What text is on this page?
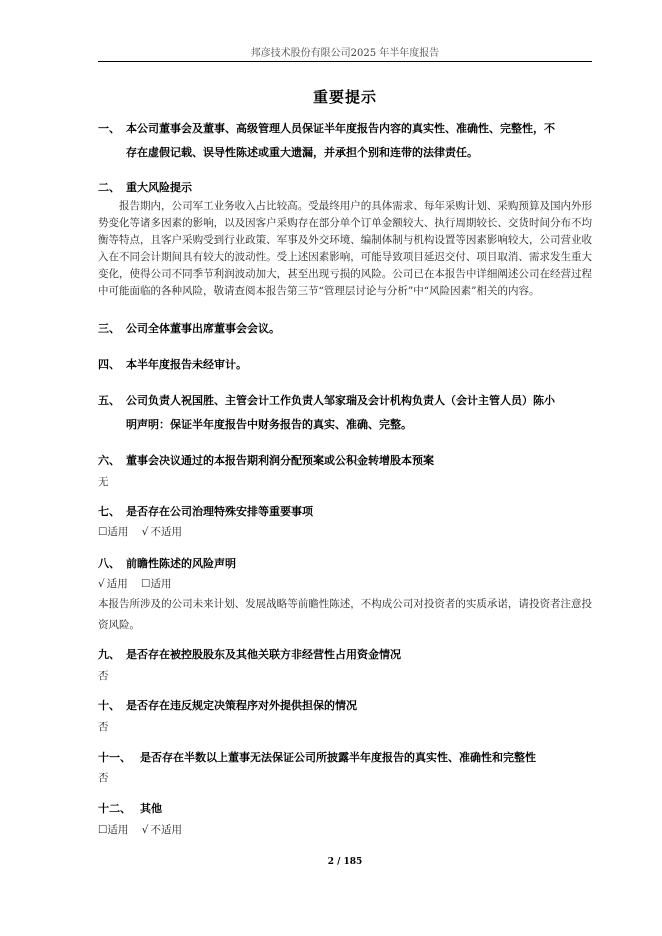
邦彦技术股份有限公司2025 年半年度报告
重要提示
一、 本公司董事会及董事、高级管理人员保证半年度报告内容的真实性、准确性、完整性，不
存在虚假记载、误导性陈述或重大遗漏，并承担个别和连带的法律责任。
二、 重大风险提示
报告期内，公司军工业务收入占比较高。受最终用户的具体需求、每年采购计划、采购预算及国内外形势变化等诸多因素的影响，以及因客户采购存在部分单个订单金额较大、执行周期较长、交货时间分布不均衡等特点，且客户采购受到行业政策、军事及外交环境、编制体制与机构设置等因素影响较大，公司营业收入在不同会计期间具有较大的波动性。受上述因素影响，可能导致项目延迟交付、项目取消、需求发生重大变化，使得公司不同季节利润波动加大，甚至出现亏损的风险。公司已在本报告中详细阐述公司在经营过程中可能面临的各种风险，敬请查阅本报告第三节“管理层讨论与分析”中“风险因素”相关的内容。
三、 公司全体董事出席董事会会议。
四、 本半年度报告未经审计。
五、 公司负责人祝国胜、主管会计工作负责人邹家瑞及会计机构负责人（会计主管人员）陈小
明声明：保证半年度报告中财务报告的真实、准确、完整。
六、 董事会决议通过的本报告期利润分配预案或公积金转增股本预案
无
七、 是否存在公司治理特殊安排等重要事项
☐适用 √ 不适用
八、 前瞻性陈述的风险声明
√ 适用 ☐适用
本报告所涉及的公司未来计划、发展战略等前瞻性陈述，不构成公司对投资者的实质承诺，请投资者注意投资风险。
九、 是否存在被控股股东及其他关联方非经营性占用资金情况
否
十、 是否存在违反规定决策程序对外提供担保的情况
否
十一、 是否存在半数以上董事无法保证公司所披露半年度报告的真实性、准确性和完整性
否
十二、 其他
☐适用 √ 不适用
2 / 185
